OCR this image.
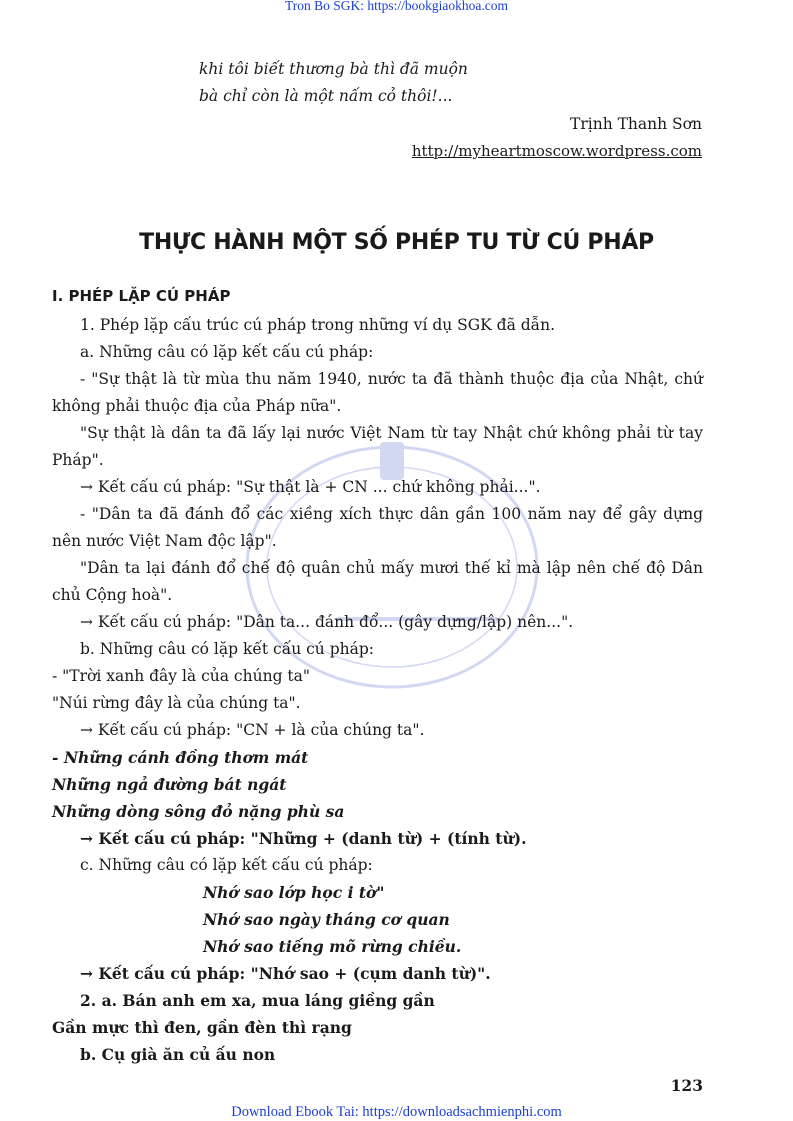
Tron Bo SGK: https://bookgiaokhoa.com
khi tôi biết thương bà thì đã muộn
bà chỉ còn là một nấm cỏ thôi!...
Trịnh Thanh Sơn
http://myheartmoscow.wordpress.com
THỰC HÀNH MỘT SỐ PHÉP TU TỪ CÚ PHÁP
I. PHÉP LẶP CÚ PHÁP

1. Phép lặp cấu trúc cú pháp trong những ví dụ SGK đã dẫn.

a. Những câu có lặp kết cấu cú pháp:

- "Sự thật là từ mùa thu năm 1940, nước ta đã thành thuộc địa của Nhật, chứ không phải thuộc địa của Pháp nữa".

"Sự thật là dân ta đã lấy lại nước Việt Nam từ tay Nhật chứ không phải từ tay Pháp".

→ Kết cấu cú pháp: "Sự thật là + CN ... chứ không phải...".

- "Dân ta đã đánh đổ các xiềng xích thực dân gần 100 năm nay để gây dựng nên nước Việt Nam độc lập".

"Dân ta lại đánh đổ chế độ quân chủ mấy mươi thế kỉ mà lập nên chế độ Dân chủ Cộng hoà".

→ Kết cấu cú pháp: "Dân ta... đánh đổ... (gây dựng/lập) nên...".

b. Những câu có lặp kết cấu cú pháp:

- "Trời xanh đây là của chúng ta"

"Núi rừng đây là của chúng ta".

→ Kết cấu cú pháp: "CN + là của chúng ta".

- Những cánh đồng thơm mát

Những ngả đường bát ngát

Những dòng sông đỏ nặng phù sa

→ Kết cấu cú pháp: "Những + (danh từ) + (tính từ).

c. Những câu có lặp kết cấu cú pháp:

Nhớ sao lớp học i tờ"

Nhớ sao ngày tháng cơ quan

Nhớ sao tiếng mõ rừng chiều.

→ Kết cấu cú pháp: "Nhớ sao + (cụm danh từ)".

2. a. Bán anh em xa, mua láng giềng gần

Gần mực thì đen, gần đèn thì rạng

b. Cụ già ăn củ ấu non

123
Download Ebook Tai: https://downloadsachmienphi.com
